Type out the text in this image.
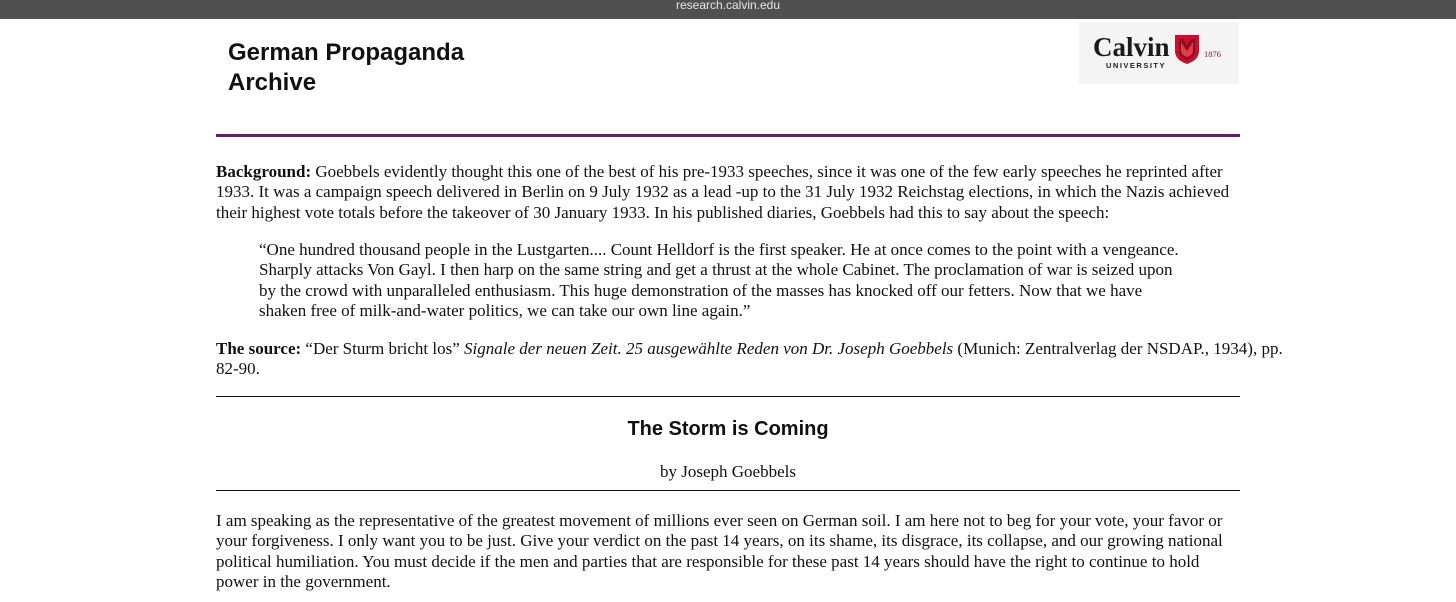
research.calvin.edu
German Propaganda
Archive
Calvin
UNIVERSITY
1876

Background: Goebbels evidently thought this one of the best of his pre-1933 speeches, since it was one of the few early speeches he reprinted after
1933. It was a campaign speech delivered in Berlin on 9 July 1932 as a lead -up to the 31 July 1932 Reichstag elections, in which the Nazis achieved
their highest vote totals before the takeover of 30 January 1933. In his published diaries, Goebbels had this to say about the speech:

“One hundred thousand people in the Lustgarten.... Count Helldorf is the first speaker. He at once comes to the point with a vengeance.
Sharply attacks Von Gayl. I then harp on the same string and get a thrust at the whole Cabinet. The proclamation of war is seized upon
by the crowd with unparalleled enthusiasm. This huge demonstration of the masses has knocked off our fetters. Now that we have
shaken free of milk-and-water politics, we can take our own line again.”

The source: “Der Sturm bricht los” Signale der neuen Zeit. 25 ausgewählte Reden von Dr. Joseph Goebbels (Munich: Zentralverlag der NSDAP., 1934), pp.
82-90.

The Storm is Coming
by Joseph Goebbels

I am speaking as the representative of the greatest movement of millions ever seen on German soil. I am here not to beg for your vote, your favor or
your forgiveness. I only want you to be just. Give your verdict on the past 14 years, on its shame, its disgrace, its collapse, and our growing national
political humiliation. You must decide if the men and parties that are responsible for these past 14 years should have the right to continue to hold
power in the government.
